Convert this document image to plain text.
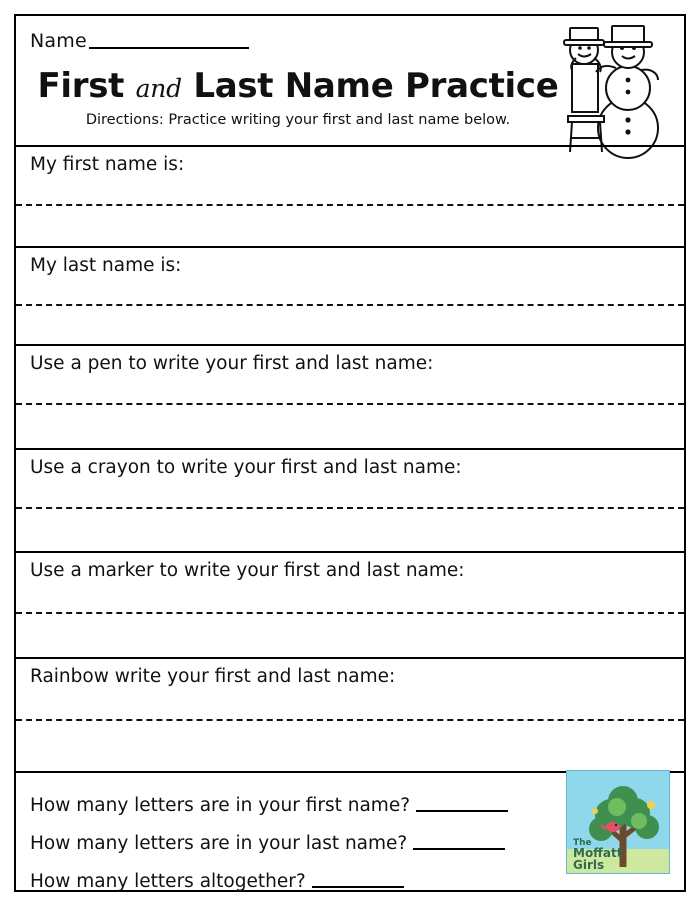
Name
First and Last Name Practice
Directions: Practice writing your first and last name below.
My first name is:
My last name is:
Use a pen to write your first and last name:
Use a crayon to write your first and last name:
Use a marker to write your first and last name:
Rainbow write your first and last name:
How many letters are in your first name?
How many letters are in your last name?
How many letters altogether?
The
Moffatt
Girls
